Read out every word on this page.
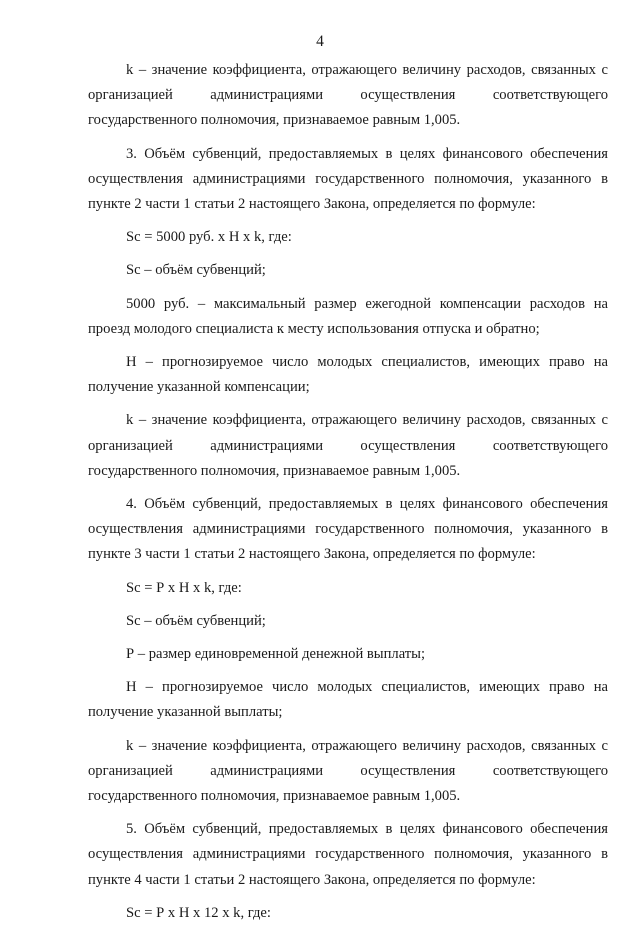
4

k – значение коэффициента, отражающего величину расходов, связанных с организацией администрациями осуществления соответствующего государственного полномочия, признаваемое равным 1,005.

3. Объём субвенций, предоставляемых в целях финансового обеспечения осуществления администрациями государственного полномочия, указанного в пункте 2 части 1 статьи 2 настоящего Закона, определяется по формуле:

Sc = 5000 руб. х Н х k, где:

Sc – объём субвенций;

5000 руб. – максимальный размер ежегодной компенсации расходов на проезд молодого специалиста к месту использования отпуска и обратно;

Н – прогнозируемое число молодых специалистов, имеющих право на получение указанной компенсации;

k – значение коэффициента, отражающего величину расходов, связанных с организацией администрациями осуществления соответствующего государственного полномочия, признаваемое равным 1,005.

4. Объём субвенций, предоставляемых в целях финансового обеспечения осуществления администрациями государственного полномочия, указанного в пункте 3 части 1 статьи 2 настоящего Закона, определяется по формуле:

Sc = Р х Н х k, где:

Sc – объём субвенций;

Р – размер единовременной денежной выплаты;

Н – прогнозируемое число молодых специалистов, имеющих право на получение указанной выплаты;

k – значение коэффициента, отражающего величину расходов, связанных с организацией администрациями осуществления соответствующего государственного полномочия, признаваемое равным 1,005.

5. Объём субвенций, предоставляемых в целях финансового обеспечения осуществления администрациями государственного полномочия, указанного в пункте 4 части 1 статьи 2 настоящего Закона, определяется по формуле:

Sc = Р х Н х 12 х k, где:
